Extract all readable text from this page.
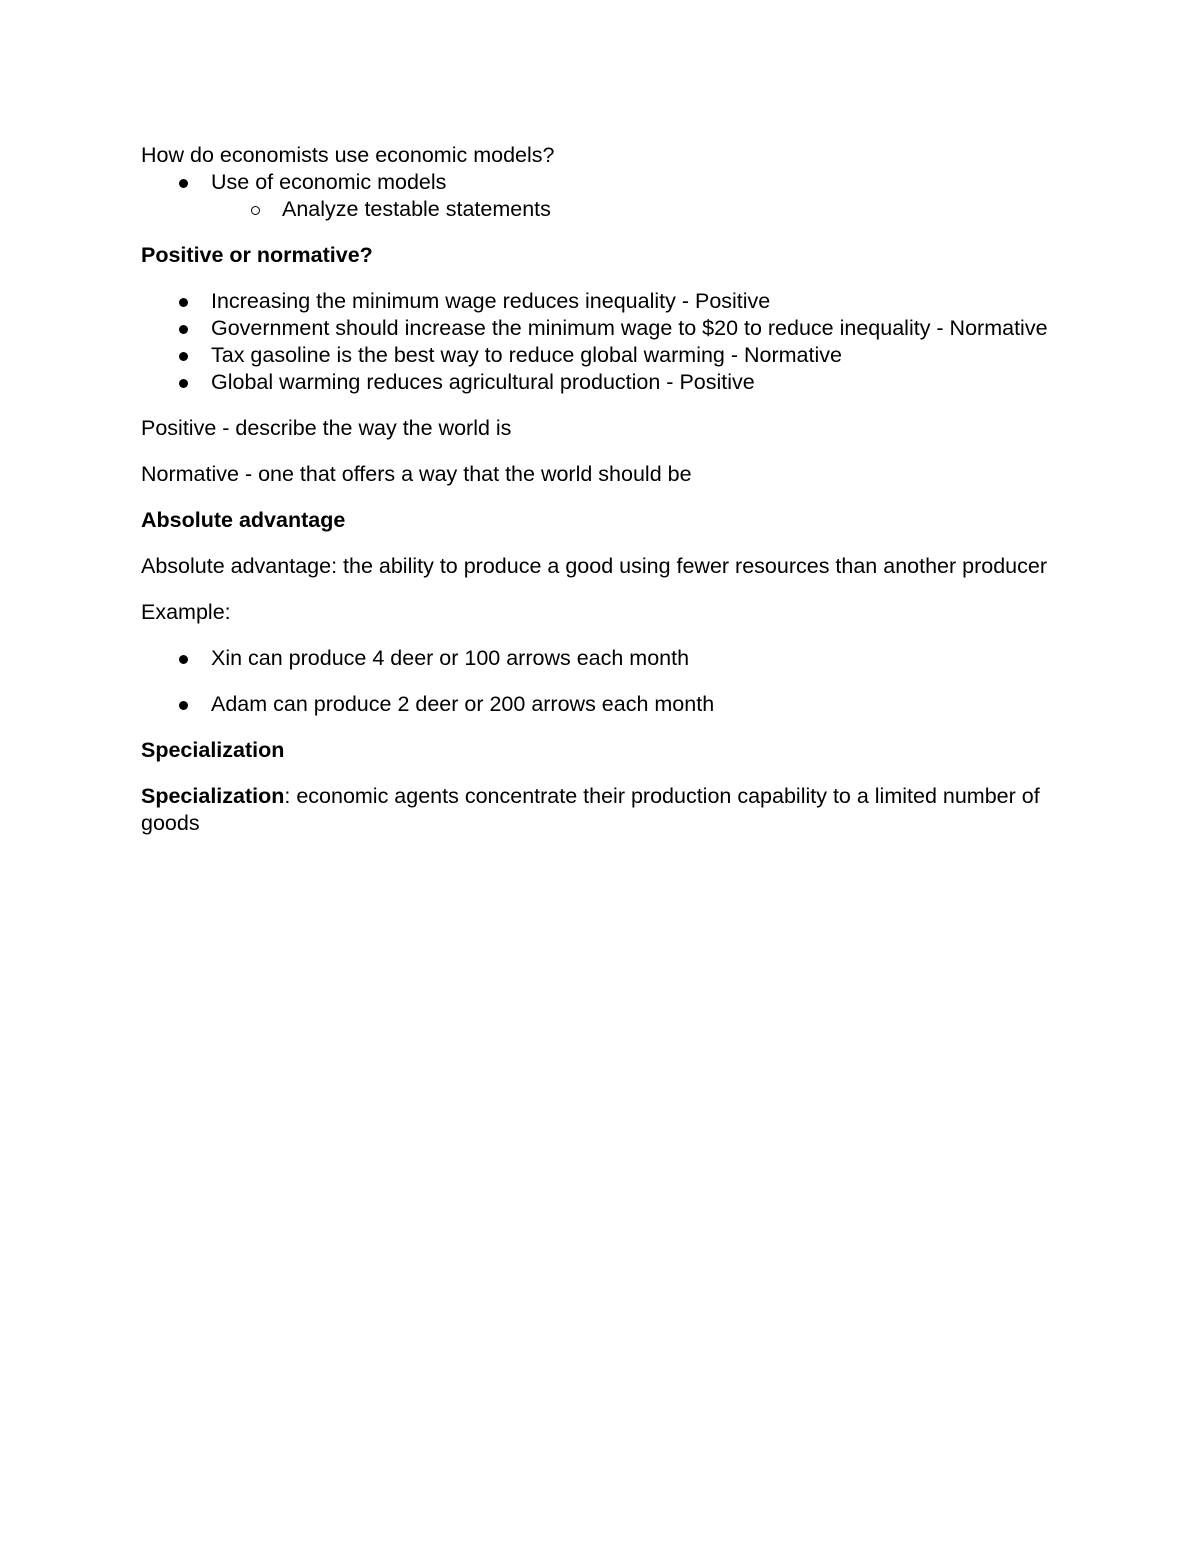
How do economists use economic models?

Use of economic models
Analyze testable statements

Positive or normative?

Increasing the minimum wage reduces inequality - Positive
Government should increase the minimum wage to $20 to reduce inequality - Normative
Tax gasoline is the best way to reduce global warming - Normative
Global warming reduces agricultural production - Positive

Positive - describe the way the world is

Normative - one that offers a way that the world should be

Absolute advantage

Absolute advantage: the ability to produce a good using fewer resources than another producer

Example:

Xin can produce 4 deer or 100 arrows each month
Adam can produce 2 deer or 200 arrows each month

Specialization

Specialization: economic agents concentrate their production capability to a limited number of goods
